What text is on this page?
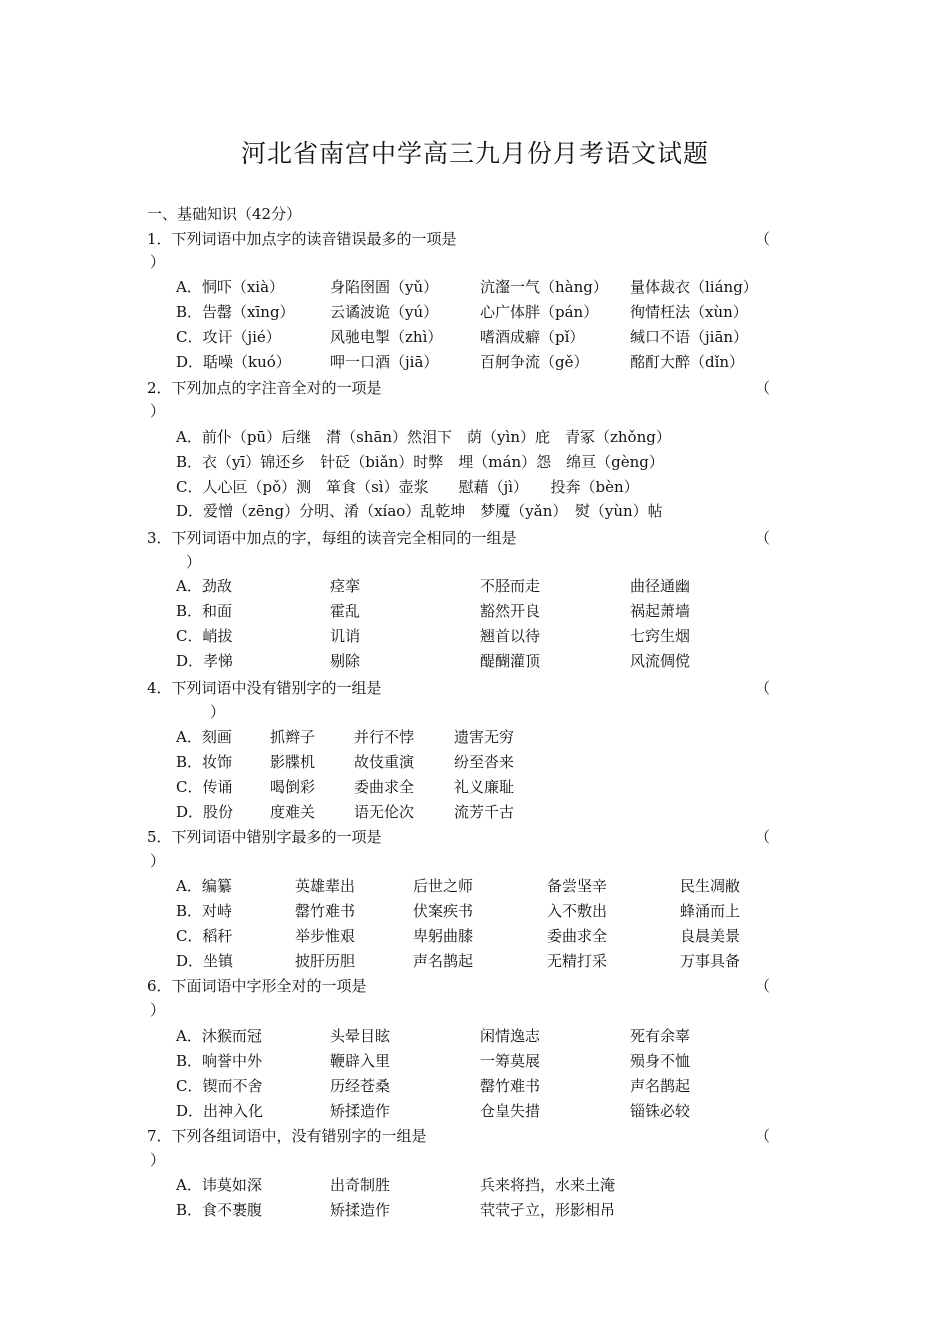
河北省南宫中学高三九月份月考语文试题
一、基础知识（42分）
1．下列词语中加点字的读音错误最多的一项是	（
）
A．恫吓（xià）	身陷囹圄（yǔ）	沆瀣一气（hàng） 量体裁衣（liáng）
B．告罄（xīng） 云谲波诡（yú）	心广体胖（pán） 徇情枉法（xùn）
C．攻讦（jié）	风驰电掣（zhì）	嗜酒成癖（pǐ）	缄口不语（jiān）
D．聒噪（kuó）	呷一口酒（jiā）	百舸争流（gě）	酩酊大醉（dǐn）
2．下列加点的字注音全对的一项是	（
）
A．前仆（pū）后继　潸（shān）然泪下　荫（yìn）庇　青冢（zhǒng）
B．衣（yī）锦还乡　针砭（biǎn）时弊　埋（mán）怨　绵亘（gèng）
C．人心叵（pǒ）测　箪食（sì）壶浆　　慰藉（jì）　　投奔（bèn）
D．爱憎（zēng）分明、淆（xíao）乱乾坤　梦魇（yǎn）　熨（yùn）帖
3．下列词语中加点的字，每组的读音完全相同的一组是	（
）
A．劲敌	痉挛	不胫而走	曲径通幽
B．和面	霍乱	豁然开良	祸起萧墙
C．峭拔	讥诮	翘首以待	七窍生烟
D．孝悌	剔除	醍醐灌顶	风流倜傥
4．下列词语中没有错别字的一组是	（
）
A．刻画	抓辫子	并行不悖	遗害无穷
B．妆饰	影牒机	故伎重演	纷至沓来
C．传诵	喝倒彩	委曲求全	礼义廉耻
D．股份 度难关	语无伦次	流芳千古
5．下列词语中错别字最多的一项是	（
）
A．编纂	英雄辈出	后世之师	备尝坚辛	民生凋敝
B．对峙	罄竹难书	伏案疾书	入不敷出	蜂涌而上
C．稻秆	举步惟艰	卑躬曲膝	委曲求全	良晨美景
D．坐镇	披肝历胆	声名鹊起	无精打采	万事具备
6．下面词语中字形全对的一项是	（
）
A．沐猴而冠	头晕目眩	闲情逸志	死有余辜
B．响誉中外	鞭辟入里	一筹莫展	殒身不恤
C．锲而不舍	历经苍桑	罄竹难书	声名鹊起
D．出神入化	矫揉造作	仓皇失措	锱铢必较
7．下列各组词语中，没有错别字的一组是	（
）
A．讳莫如深	出奇制胜	兵来将挡，水来土淹
B．食不裹腹	矫揉造作	茕茕孑立，形影相吊
